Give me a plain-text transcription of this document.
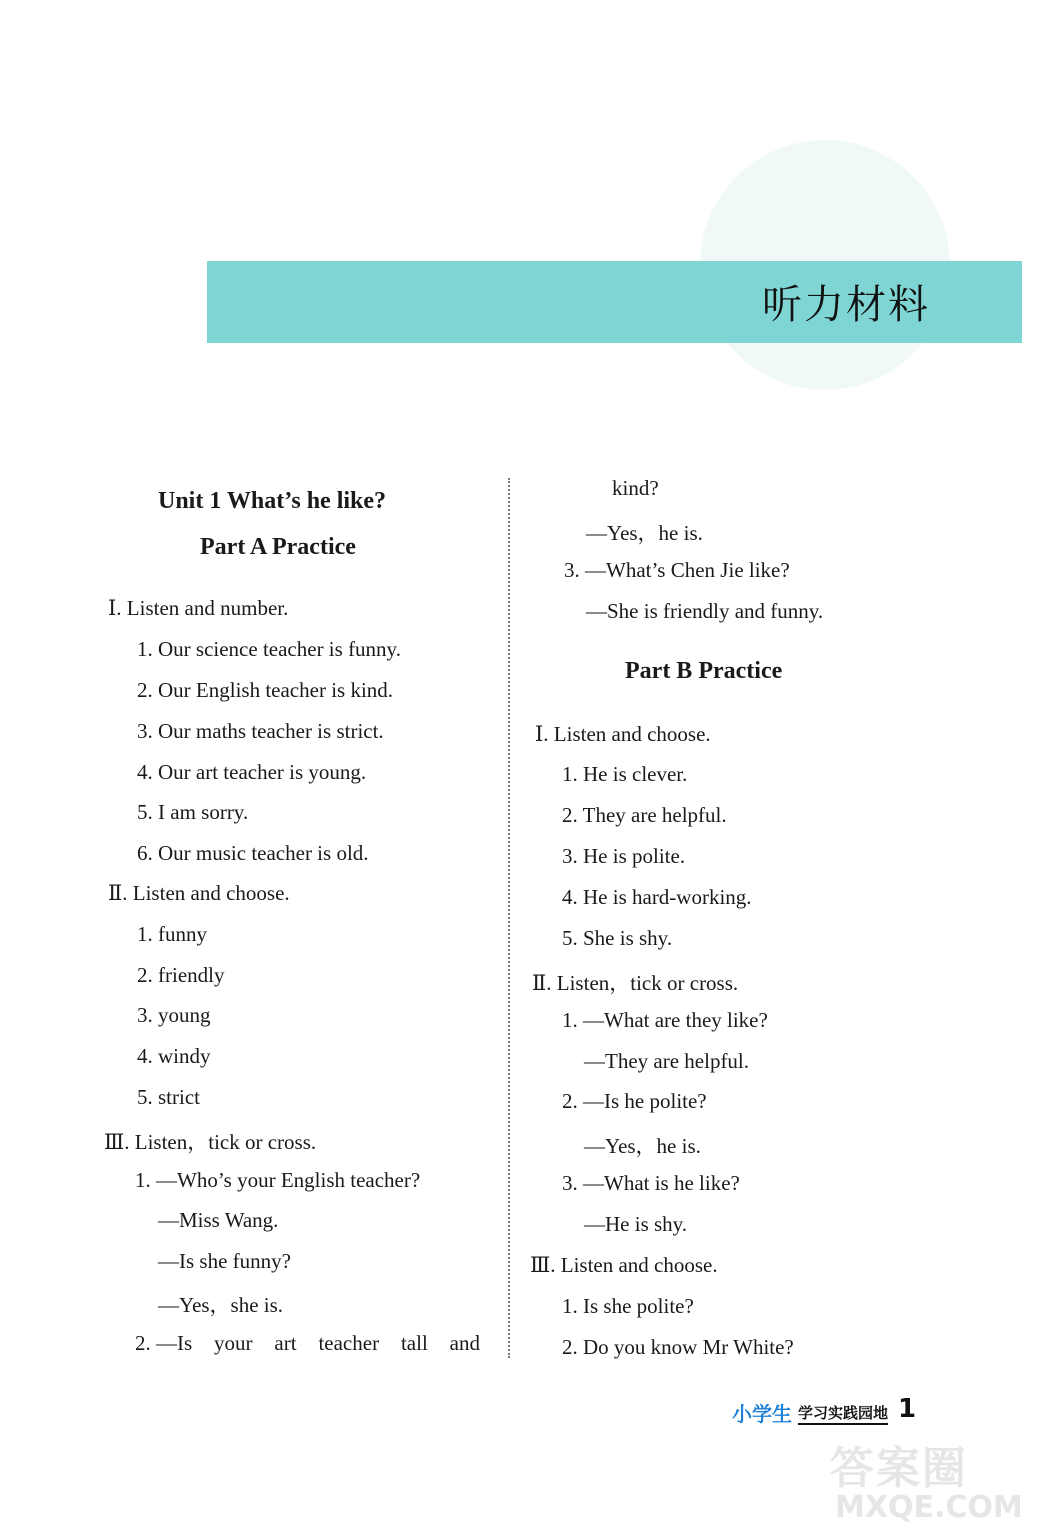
听力材料
Unit 1 What’s he like?
Part A Practice
Ⅰ. Listen and number.
1. Our science teacher is funny.
2. Our English teacher is kind.
3. Our maths teacher is strict.
4. Our art teacher is young.
5. I am sorry.
6. Our music teacher is old.
Ⅱ. Listen and choose.
1. funny
2. friendly
3. young
4. windy
5. strict
Ⅲ. Listen，tick or cross.
1. —Who’s your English teacher?
—Miss Wang.
—Is she funny?
—Yes，she is.
2. —Is your art teacher tall and
kind?
—Yes，he is.
3. —What’s Chen Jie like?
—She is friendly and funny.
Part B Practice
Ⅰ. Listen and choose.
1. He is clever.
2. They are helpful.
3. He is polite.
4. He is hard-working.
5. She is shy.
Ⅱ. Listen，tick or cross.
1. —What are they like?
—They are helpful.
2. —Is he polite?
—Yes，he is.
3. —What is he like?
—He is shy.
Ⅲ. Listen and choose.
1. Is she polite?
2. Do you know Mr White?
小学生 学习实践园地 1
答案圈
MXQE.COM
